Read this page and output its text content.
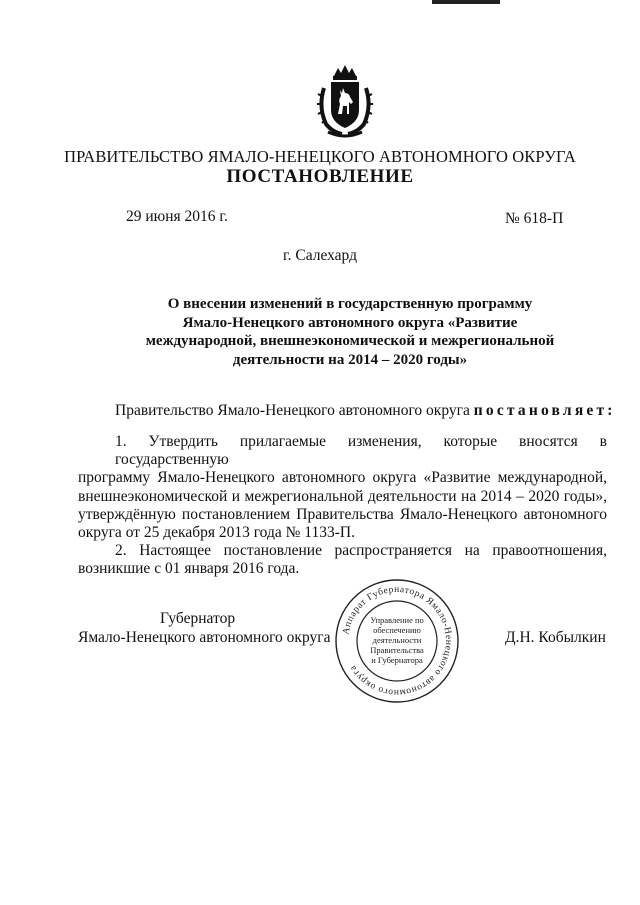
ПРАВИТЕЛЬСТВО ЯМАЛО-НЕНЕЦКОГО АВТОНОМНОГО ОКРУГА
ПОСТАНОВЛЕНИЕ
29 июня 2016 г.	№ 618-П
г. Салехард
О внесении изменений в государственную программу
Ямало-Ненецкого автономного округа «Развитие
международной, внешнеэкономической и межрегиональной
деятельности на 2014 – 2020 годы»
Правительство Ямало-Ненецкого автономного округа постановляет:

1. Утвердить прилагаемые изменения, которые вносятся в государственную
программу Ямало-Ненецкого автономного округа «Развитие международной,
внешнеэкономической и межрегиональной деятельности на 2014 – 2020 годы»,
утверждённую постановлением Правительства Ямало-Ненецкого автономного
округа от 25 декабря 2013 года № 1133-П.

2. Настоящее постановление распространяется на правоотношения,
возникшие с 01 января 2016 года.

Губернатор
Ямало-Ненецкого автономного округа	Д.Н. Кобылкин
Аппарат Губернатора Ямало-Ненецкого автономного округа
Управление по
обеспечению
деятельности
Правительства
и Губернатора
